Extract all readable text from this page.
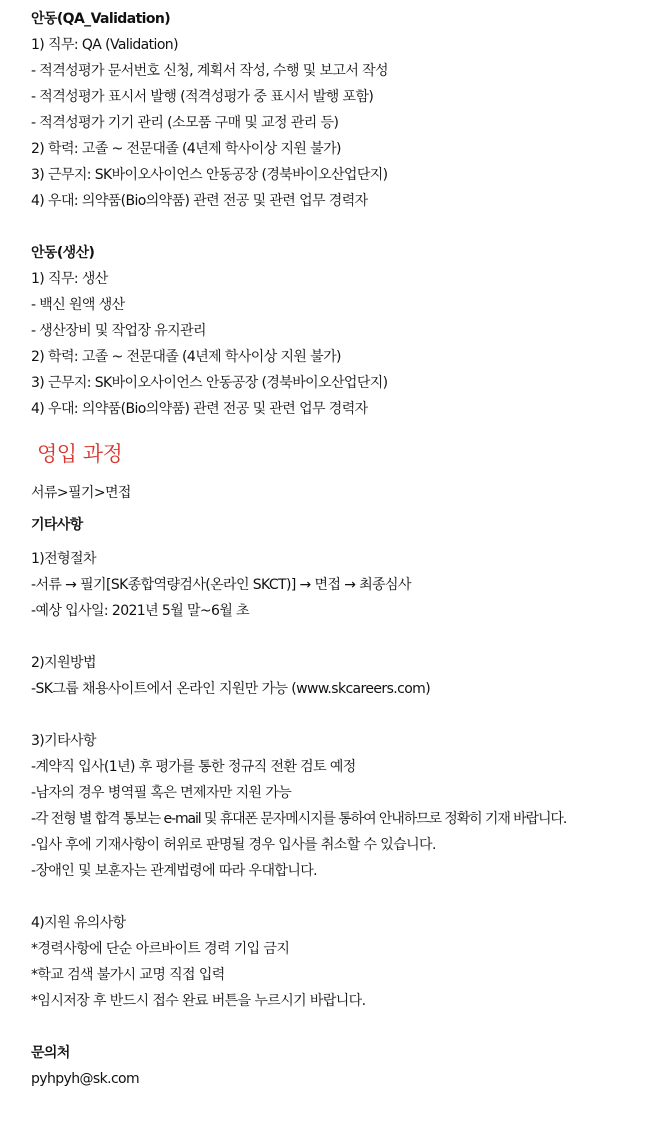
안동(QA_Validation)
1) 직무: QA (Validation)
- 적격성평가 문서번호 신청, 계획서 작성, 수행 및 보고서 작성
- 적격성평가 표시서 발행 (적격성평가 중 표시서 발행 포함)
- 적격성평가 기기 관리 (소모품 구매 및 교정 관리 등)
2) 학력: 고졸 ~ 전문대졸 (4년제 학사이상 지원 불가)
3) 근무지: SK바이오사이언스 안동공장 (경북바이오산업단지)
4) 우대: 의약품(Bio의약품) 관련 전공 및 관련 업무 경력자
안동(생산)
1) 직무: 생산
- 백신 원액 생산
- 생산장비 및 작업장 유지관리
2) 학력: 고졸 ~ 전문대졸 (4년제 학사이상 지원 불가)
3) 근무지: SK바이오사이언스 안동공장 (경북바이오산업단지)
4) 우대: 의약품(Bio의약품) 관련 전공 및 관련 업무 경력자
영입 과정
서류>필기>면접
기타사항
1)전형절차
-서류 → 필기[SK종합역량검사(온라인 SKCT)] → 면접 → 최종심사
-예상 입사일: 2021년 5월 말~6월 초
2)지원방법
-SK그룹 채용사이트에서 온라인 지원만 가능 (www.skcareers.com)
3)기타사항
-계약직 입사(1년) 후 평가를 통한 정규직 전환 검토 예정
-남자의 경우 병역필 혹은 면제자만 지원 가능
-각 전형 별 합격 통보는 e-mail 및 휴대폰 문자메시지를 통하여 안내하므로 정확히 기재 바랍니다.
-입사 후에 기재사항이 허위로 판명될 경우 입사를 취소할 수 있습니다.
-장애인 및 보훈자는 관계법령에 따라 우대합니다.
4)지원 유의사항
*경력사항에 단순 아르바이트 경력 기입 금지
*학교 검색 불가시 교명 직접 입력
*임시저장 후 반드시 접수 완료 버튼을 누르시기 바랍니다.
문의처
pyhpyh@sk.com
